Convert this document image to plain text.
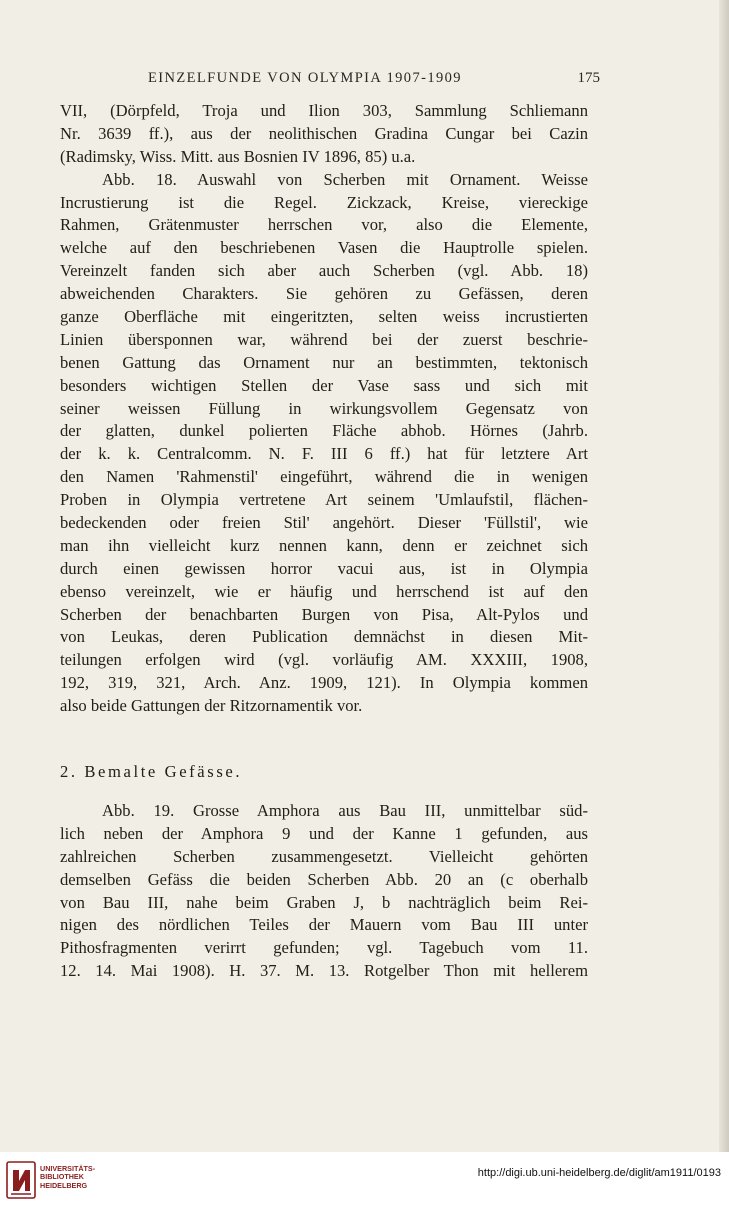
EINZELFUNDE VON OLYMPIA 1907-1909	175
VII, (Dörpfeld, Troja und Ilion 303, Sammlung Schliemann
Nr. 3639 ff.), aus der neolithischen Gradina Cungar bei Cazin
(Radimsky, Wiss. Mitt. aus Bosnien IV 1896, 85) u.a.
Abb. 18. Auswahl von Scherben mit Ornament. Weisse
Incrustierung ist die Regel. Zickzack, Kreise, viereckige
Rahmen, Grätenmuster herrschen vor, also die Elemente,
welche auf den beschriebenen Vasen die Hauptrolle spielen.
Vereinzelt fanden sich aber auch Scherben (vgl. Abb. 18)
abweichenden Charakters. Sie gehören zu Gefässen, deren
ganze Oberfläche mit eingeritzten, selten weiss incrustierten
Linien übersponnen war, während bei der zuerst beschrie-
benen Gattung das Ornament nur an bestimmten, tektonisch
besonders wichtigen Stellen der Vase sass und sich mit
seiner weissen Füllung in wirkungsvollem Gegensatz von
der glatten, dunkel polierten Fläche abhob. Hörnes (Jahrb.
der k. k. Centralcomm. N. F. III 6 ff.) hat für letztere Art
den Namen 'Rahmenstil' eingeführt, während die in wenigen
Proben in Olympia vertretene Art seinem 'Umlaufstil, flächen-
bedeckenden oder freien Stil' angehört. Dieser 'Füllstil', wie
man ihn vielleicht kurz nennen kann, denn er zeichnet sich
durch einen gewissen horror vacui aus, ist in Olympia
ebenso vereinzelt, wie er häufig und herrschend ist auf den
Scherben der benachbarten Burgen von Pisa, Alt-Pylos und
von Leukas, deren Publication demnächst in diesen Mit-
teilungen erfolgen wird (vgl. vorläufig AM. XXXIII, 1908,
192, 319, 321, Arch. Anz. 1909, 121). In Olympia kommen
also beide Gattungen der Ritzornamentik vor.
2. Bemalte Gefässe.
Abb. 19. Grosse Amphora aus Bau III, unmittelbar süd-
lich neben der Amphora 9 und der Kanne 1 gefunden, aus
zahlreichen Scherben zusammengesetzt. Vielleicht gehörten
demselben Gefäss die beiden Scherben Abb. 20 an (c oberhalb
von Bau III, nahe beim Graben J, b nachträglich beim Rei-
nigen des nördlichen Teiles der Mauern vom Bau III unter
Pithosfragmenten verirrt gefunden; vgl. Tagebuch vom 11.
12. 14. Mai 1908). H. 37. M. 13. Rotgelber Thon mit hellerem
UNIVERSITÄTS-
BIBLIOTHEK
HEIDELBERG
http://digi.ub.uni-heidelberg.de/diglit/am1911/0193
